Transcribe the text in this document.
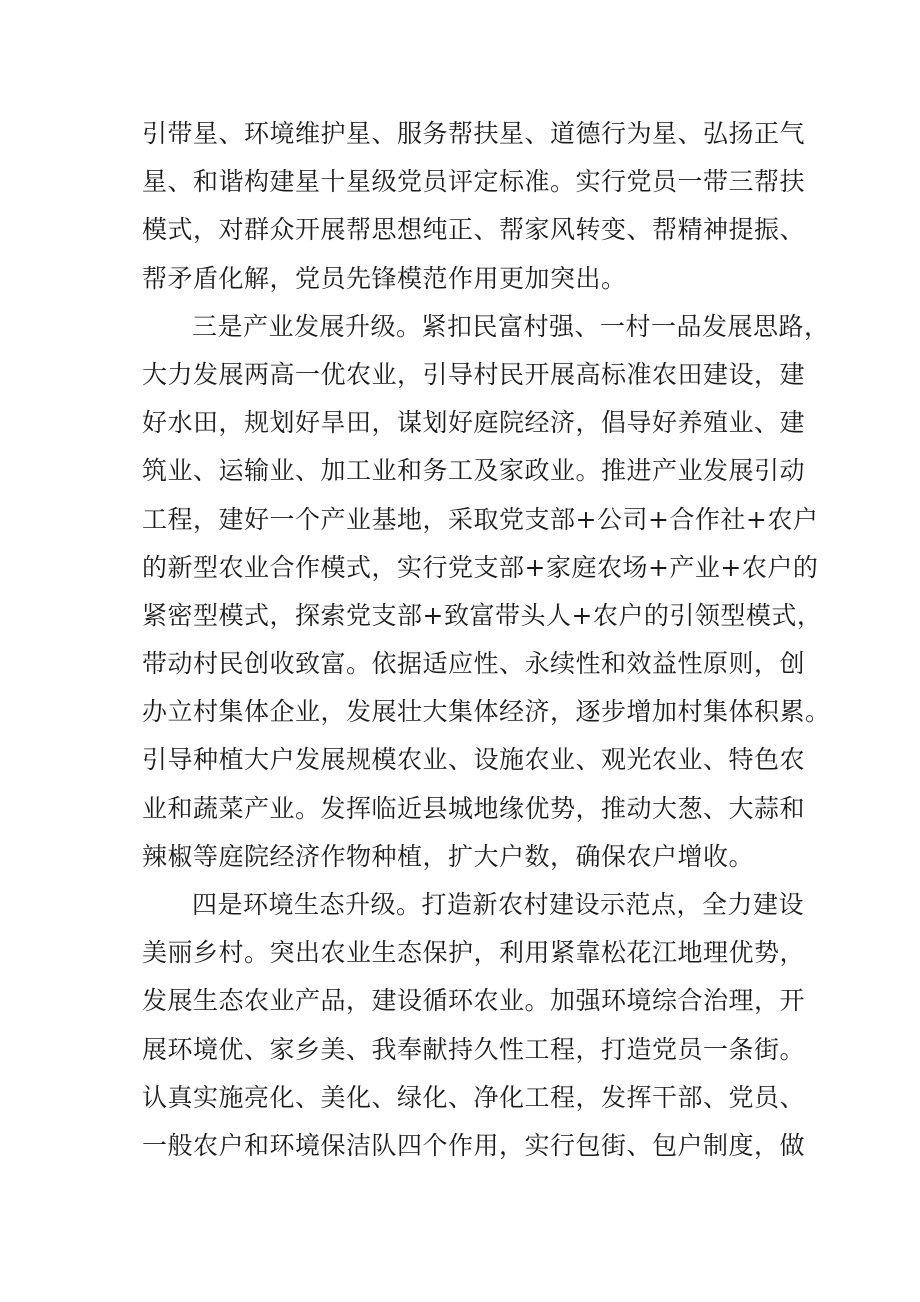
引带星、环境维护星、服务帮扶星、道德行为星、弘扬正气
星、和谐构建星十星级党员评定标准。实行党员一带三帮扶
模式，对群众开展帮思想纯正、帮家风转变、帮精神提振、
帮矛盾化解，党员先锋模范作用更加突出。
三是产业发展升级。紧扣民富村强、一村一品发展思路，
大力发展两高一优农业，引导村民开展高标准农田建设，建
好水田，规划好旱田，谋划好庭院经济，倡导好养殖业、建
筑业、运输业、加工业和务工及家政业。推进产业发展引动
工程，建好一个产业基地，采取党支部+公司+合作社+农户
的新型农业合作模式，实行党支部+家庭农场+产业+农户的
紧密型模式，探索党支部+致富带头人+农户的引领型模式，
带动村民创收致富。依据适应性、永续性和效益性原则，创
办立村集体企业，发展壮大集体经济，逐步增加村集体积累。
引导种植大户发展规模农业、设施农业、观光农业、特色农
业和蔬菜产业。发挥临近县城地缘优势，推动大葱、大蒜和
辣椒等庭院经济作物种植，扩大户数，确保农户增收。
四是环境生态升级。打造新农村建设示范点，全力建设
美丽乡村。突出农业生态保护，利用紧靠松花江地理优势，
发展生态农业产品，建设循环农业。加强环境综合治理，开
展环境优、家乡美、我奉献持久性工程，打造党员一条街。
认真实施亮化、美化、绿化、净化工程，发挥干部、党员、
一般农户和环境保洁队四个作用，实行包街、包户制度，做
